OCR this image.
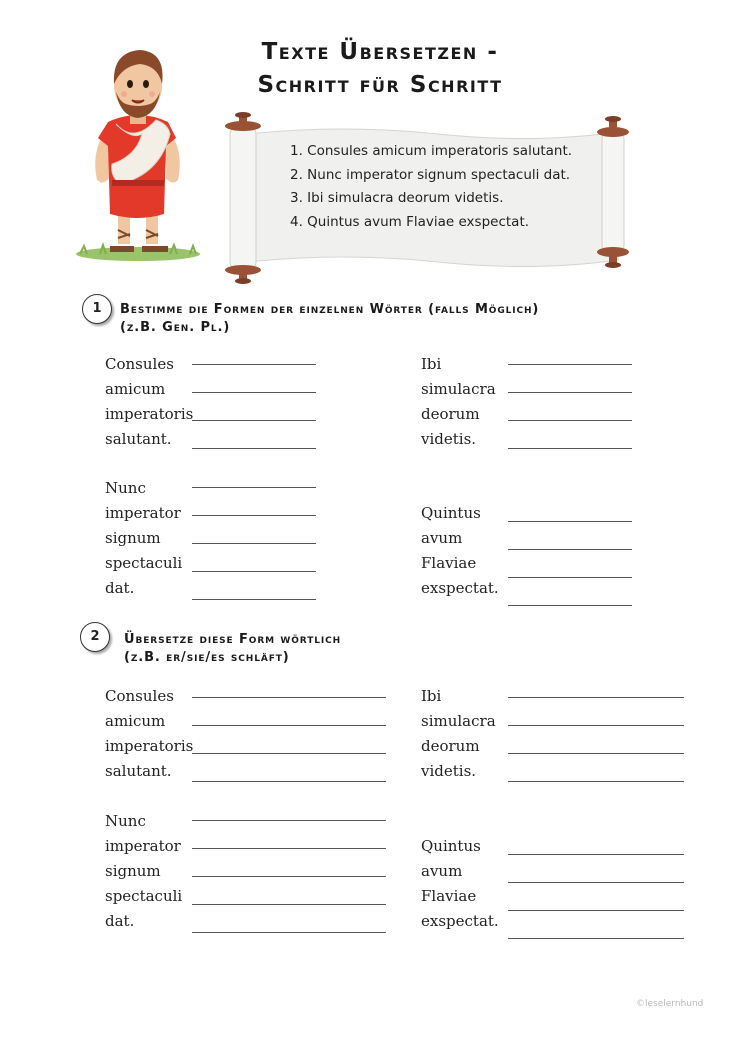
Texte Übersetzen -
Schritt für Schritt
1. Consules amicum imperatoris salutant.
2. Nunc imperator signum spectaculi dat.
3. Ibi simulacra deorum videtis.
4. Quintus avum Flaviae exspectat.
1	Bestimme die Formen der einzelnen Wörter (falls Möglich)
(z.B. Gen. Pl.)
Consules
amicum
imperatoris
salutant.
Nunc
imperator
signum
spectaculi
dat.
Ibi
simulacra
deorum
videtis.
Quintus
avum
Flaviae
exspectat.
2	Übersetze diese Form wörtlich
(z.B. er/sie/es schläft)
Consules
amicum
imperatoris
salutant.
Nunc
imperator
signum
spectaculi
dat.
Ibi
simulacra
deorum
videtis.
Quintus
avum
Flaviae
exspectat.
©leselernhund
